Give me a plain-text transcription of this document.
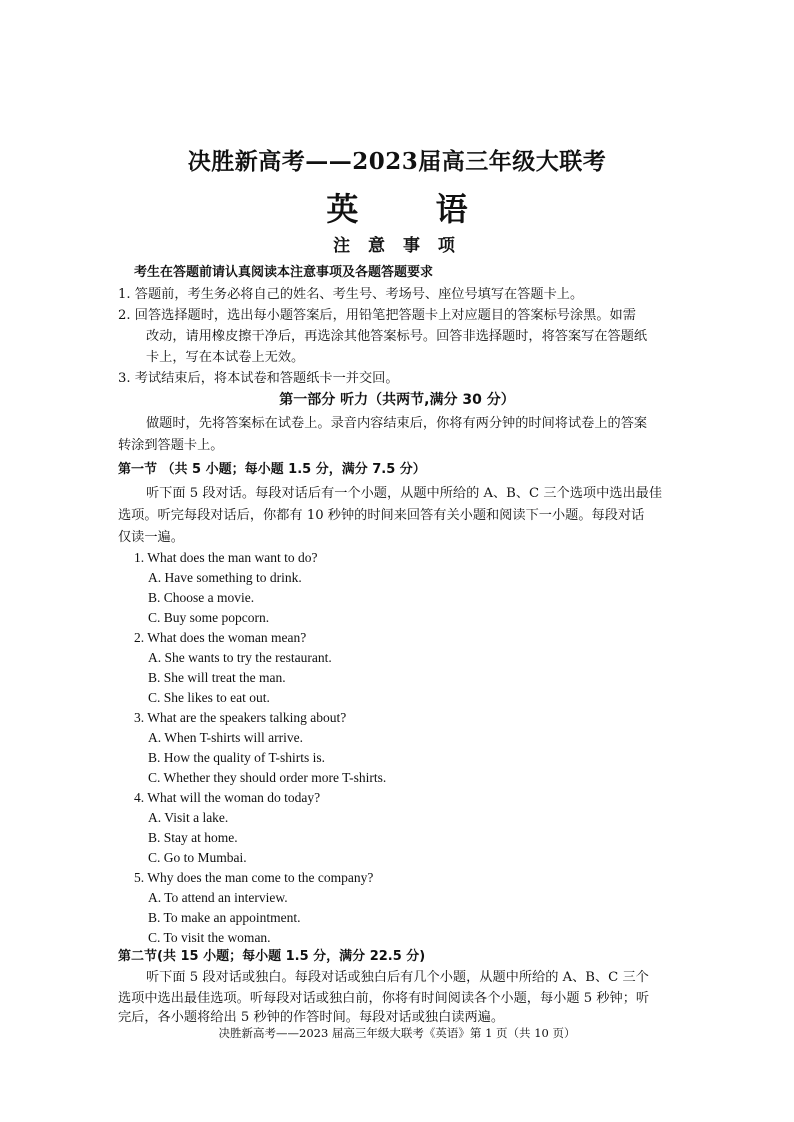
决胜新高考——2023届高三年级大联考
英 语
注 意 事 项
考生在答题前请认真阅读本注意事项及各题答题要求
1. 答题前，考生务必将自己的姓名、考生号、考场号、座位号填写在答题卡上。
2. 回答选择题时，选出每小题答案后，用铅笔把答题卡上对应题目的答案标号涂黑。如需
改动，请用橡皮擦干净后，再选涂其他答案标号。回答非选择题时，将答案写在答题纸
卡上，写在本试卷上无效。
3. 考试结束后，将本试卷和答题纸卡一并交回。
第一部分 听力（共两节,满分 30 分）
做题时，先将答案标在试卷上。录音内容结束后，你将有两分钟的时间将试卷上的答案
转涂到答题卡上。
第一节 （共 5 小题；每小题 1.5 分，满分 7.5 分）
听下面 5 段对话。每段对话后有一个小题，从题中所给的 A、B、C 三个选项中选出最佳
选项。听完每段对话后，你都有 10 秒钟的时间来回答有关小题和阅读下一小题。每段对话
仅读一遍。
1. What does the man want to do?
A. Have something to drink.
B. Choose a movie.
C. Buy some popcorn.
2. What does the woman mean?
A. She wants to try the restaurant.
B. She will treat the man.
C. She likes to eat out.
3. What are the speakers talking about?
A. When T-shirts will arrive.
B. How the quality of T-shirts is.
C. Whether they should order more T-shirts.
4. What will the woman do today?
A. Visit a lake.
B. Stay at home.
C. Go to Mumbai.
5. Why does the man come to the company?
A. To attend an interview.
B. To make an appointment.
C. To visit the woman.
第二节(共 15 小题；每小题 1.5 分，满分 22.5 分)
听下面 5 段对话或独白。每段对话或独白后有几个小题，从题中所给的 A、B、C 三个
选项中选出最佳选项。听每段对话或独白前，你将有时间阅读各个小题，每小题 5 秒钟；听
完后，各小题将给出 5 秒钟的作答时间。每段对话或独白读两遍。
决胜新高考——2023 届高三年级大联考《英语》第 1 页（共 10 页）
